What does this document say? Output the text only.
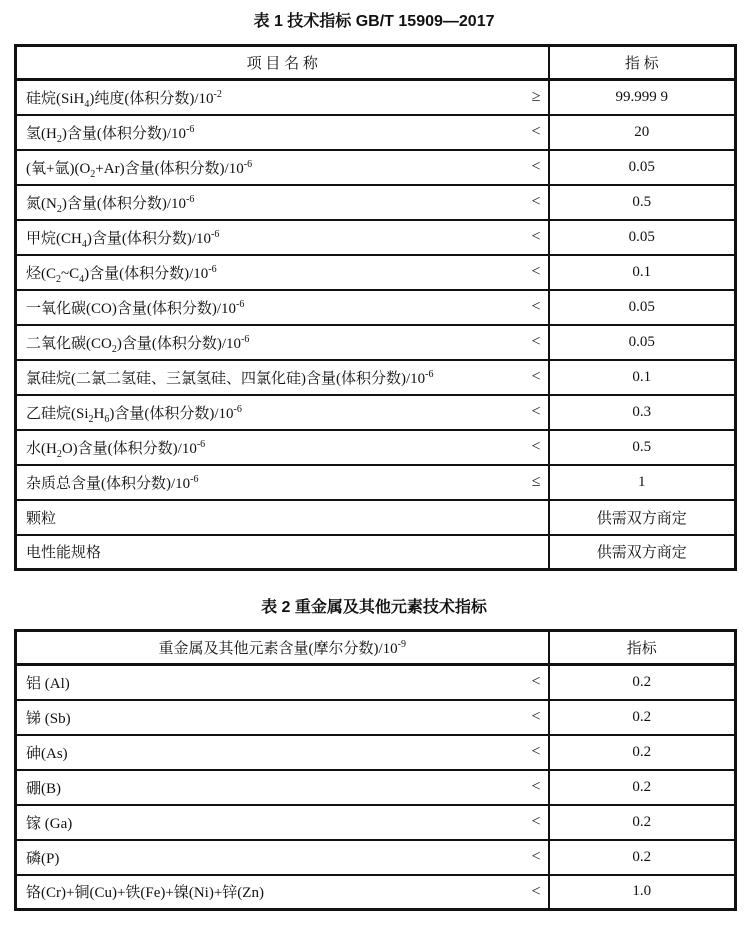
表 1 技术指标 GB/T 15909—2017
项 目 名 称	指 标

硅烷(SiH$_4$)纯度(体积分数)$/10^{-2}$ ≥	99.999 9

氢$(H_2)$含量(体积分数)$/10^{-6}$ <	20

(氧+氩)$(O_2+Ar)$含量(体积分数)$/10^{-6}$ <	0.05

氮$(N_2)$含量(体积分数)$/10^{-6}$ <	0.5

甲烷$(CH_4)$含量(体积分数)$/10^{-6}$ <	0.05

烃$(C_2\sim C_4)$含量(体积分数)$/10^{-6}$ <	0.1

一氧化碳(CO)含量(体积分数)$/10^{-6}$ <	0.05

二氧化碳$(CO_2)$含量(体积分数)$/10^{-6}$ <	0.05

氯硅烷(二氯二氢硅、三氯氢硅、四氯化硅)含量(体积分数)$/10^{-6}$ <	0.1

乙硅烷$(Si_2H_6)$含量(体积分数)$/10^{-6}$ <	0.3

水$(H_2O)$含量(体积分数)$/10^{-6}$ <	0.5

杂质总含量(体积分数)$/10^{-6}$ ≤	1

颗粒	供需双方商定

电性能规格	供需双方商定
表 2 重金属及其他元素技术指标
重金属及其他元素含量(摩尔分数)$/10^{-9}$	指标

铝 (Al) <	0.2

锑 (Sb) <	0.2

砷(As) <	0.2

硼(B) <	0.2

镓 (Ga) <	0.2

磷(P) <	0.2

铬(Cr)+铜(Cu)+铁(Fe)+镍(Ni)+锌(Zn) <	1.0
